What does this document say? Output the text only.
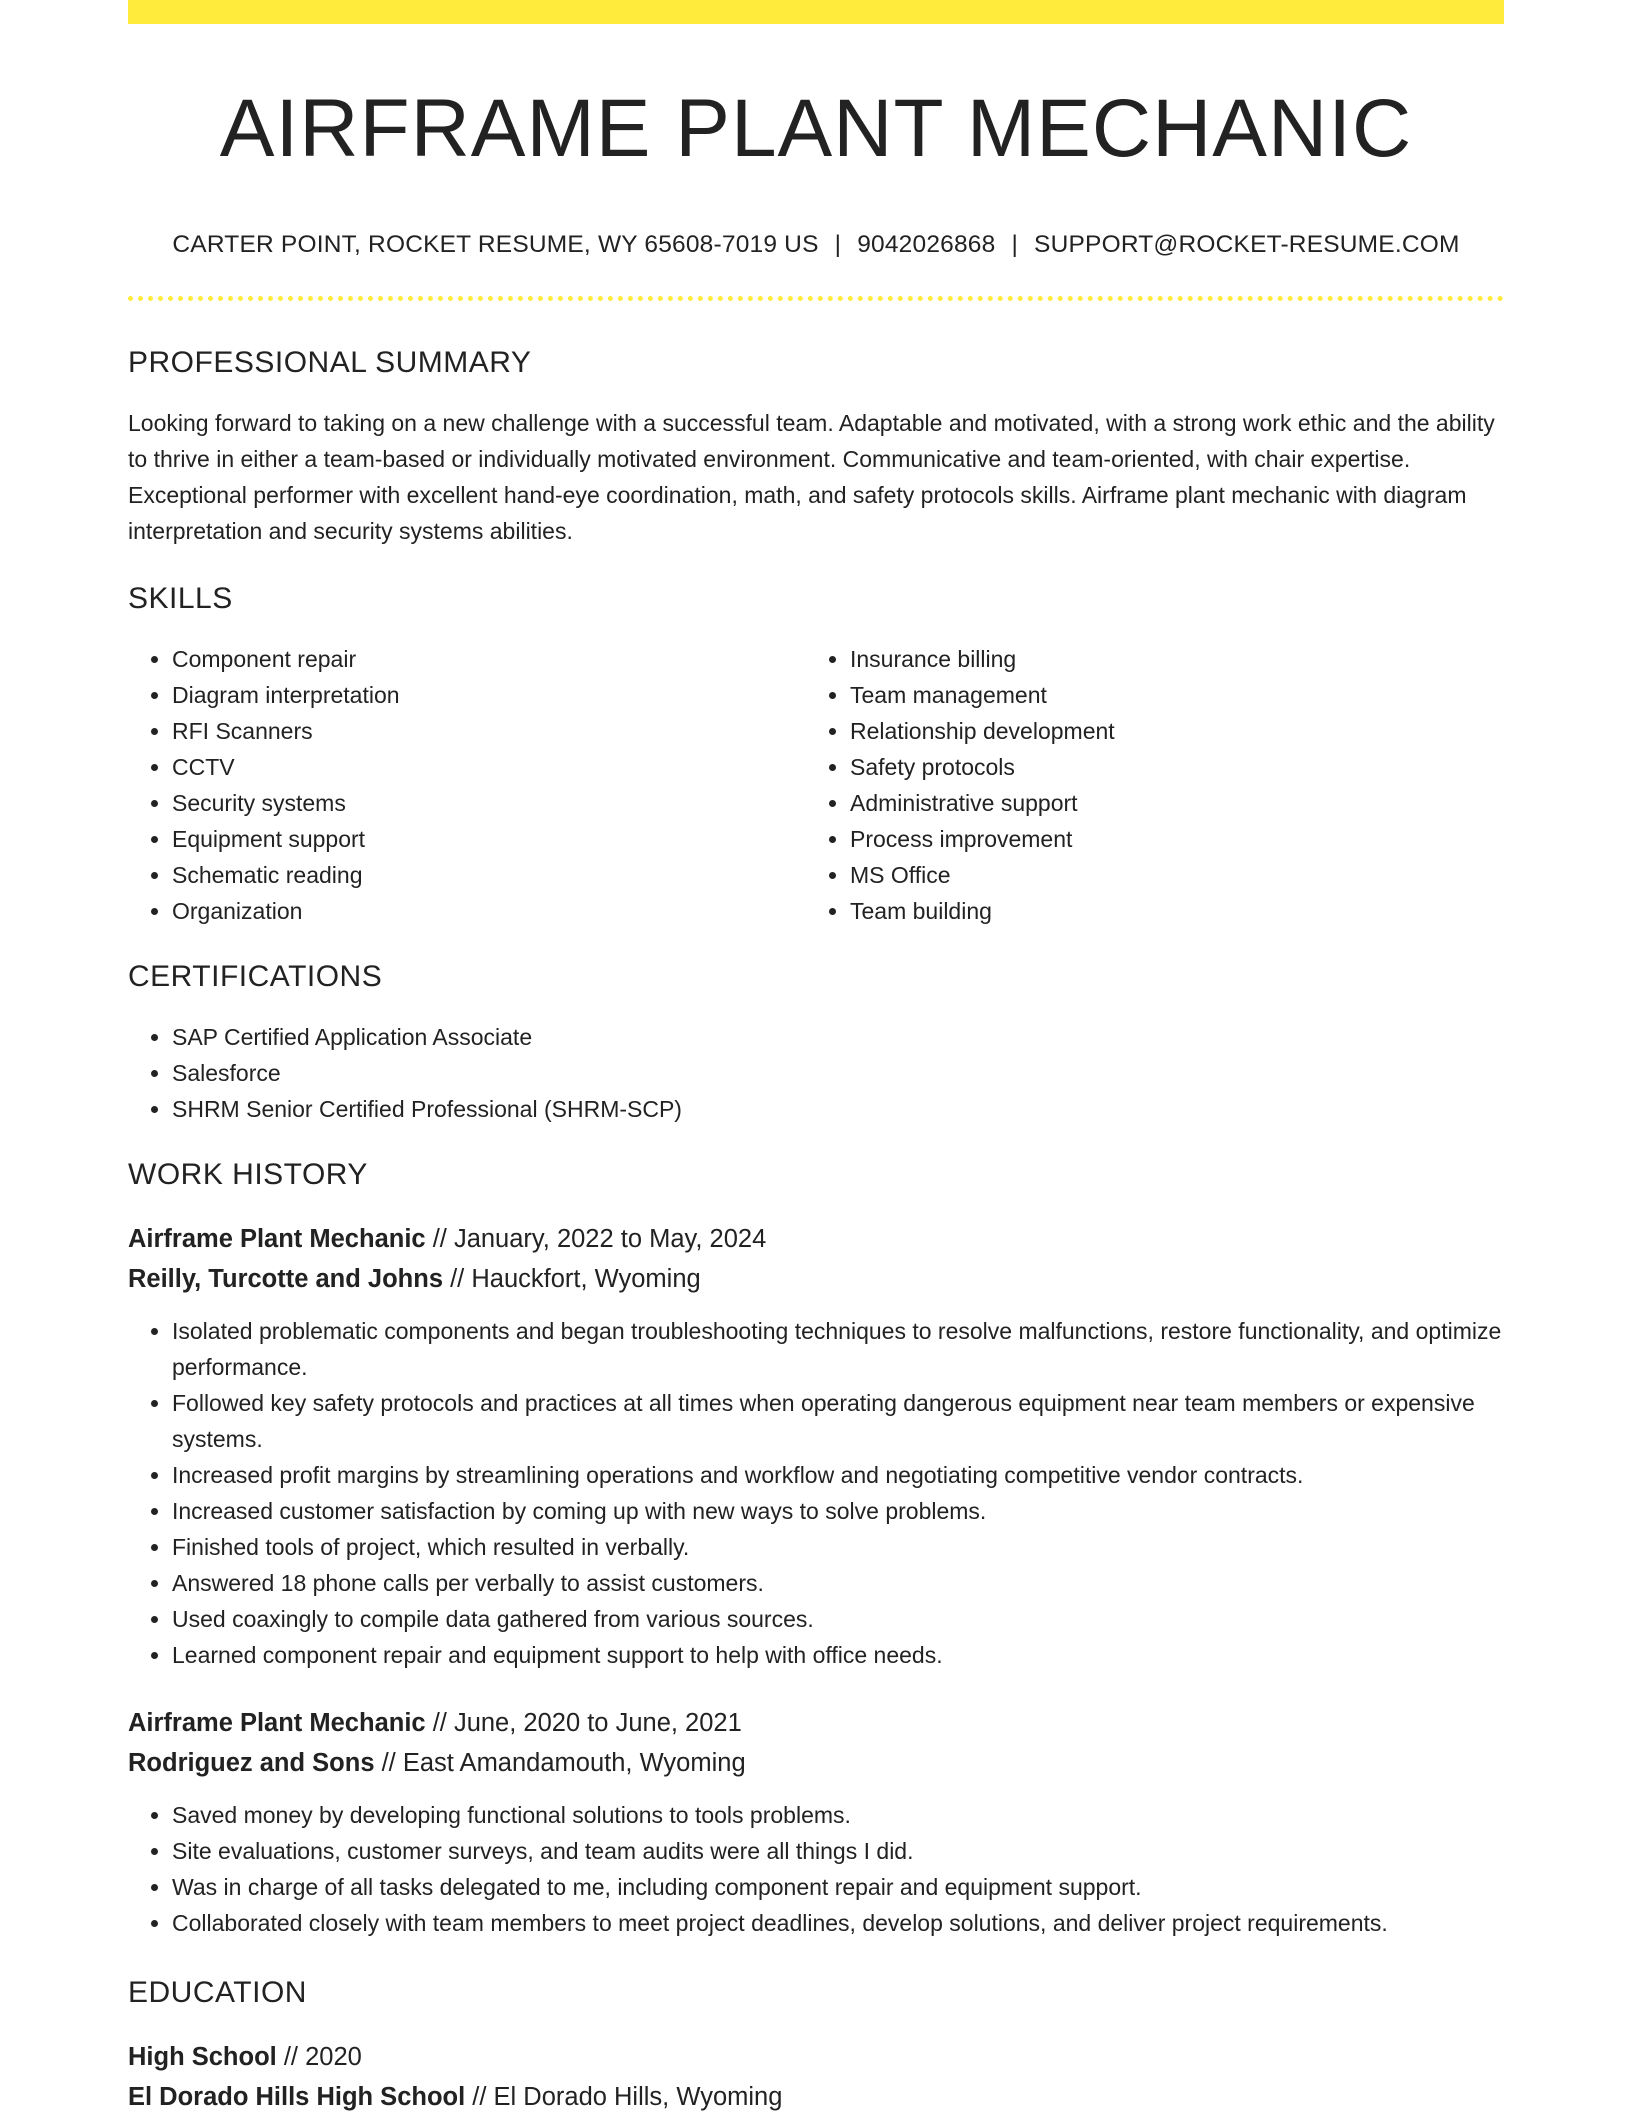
AIRFRAME PLANT MECHANIC
CARTER POINT, ROCKET RESUME, WY 65608-7019 US | 9042026868 | SUPPORT@ROCKET-RESUME.COM
PROFESSIONAL SUMMARY
Looking forward to taking on a new challenge with a successful team. Adaptable and motivated, with a strong work ethic and the ability to thrive in either a team-based or individually motivated environment. Communicative and team-oriented, with chair expertise. Exceptional performer with excellent hand-eye coordination, math, and safety protocols skills. Airframe plant mechanic with diagram interpretation and security systems abilities.
SKILLS
• Component repair
• Diagram interpretation
• RFI Scanners
• CCTV
• Security systems
• Equipment support
• Schematic reading
• Organization
• Insurance billing
• Team management
• Relationship development
• Safety protocols
• Administrative support
• Process improvement
• MS Office
• Team building
CERTIFICATIONS
• SAP Certified Application Associate
• Salesforce
• SHRM Senior Certified Professional (SHRM-SCP)
WORK HISTORY
Airframe Plant Mechanic // January, 2022 to May, 2024
Reilly, Turcotte and Johns // Hauckfort, Wyoming
• Isolated problematic components and began troubleshooting techniques to resolve malfunctions, restore functionality, and optimize performance.
• Followed key safety protocols and practices at all times when operating dangerous equipment near team members or expensive systems.
• Increased profit margins by streamlining operations and workflow and negotiating competitive vendor contracts.
• Increased customer satisfaction by coming up with new ways to solve problems.
• Finished tools of project, which resulted in verbally.
• Answered 18 phone calls per verbally to assist customers.
• Used coaxingly to compile data gathered from various sources.
• Learned component repair and equipment support to help with office needs.
Airframe Plant Mechanic // June, 2020 to June, 2021
Rodriguez and Sons // East Amandamouth, Wyoming
• Saved money by developing functional solutions to tools problems.
• Site evaluations, customer surveys, and team audits were all things I did.
• Was in charge of all tasks delegated to me, including component repair and equipment support.
• Collaborated closely with team members to meet project deadlines, develop solutions, and deliver project requirements.
EDUCATION
High School // 2020
El Dorado Hills High School // El Dorado Hills, Wyoming
